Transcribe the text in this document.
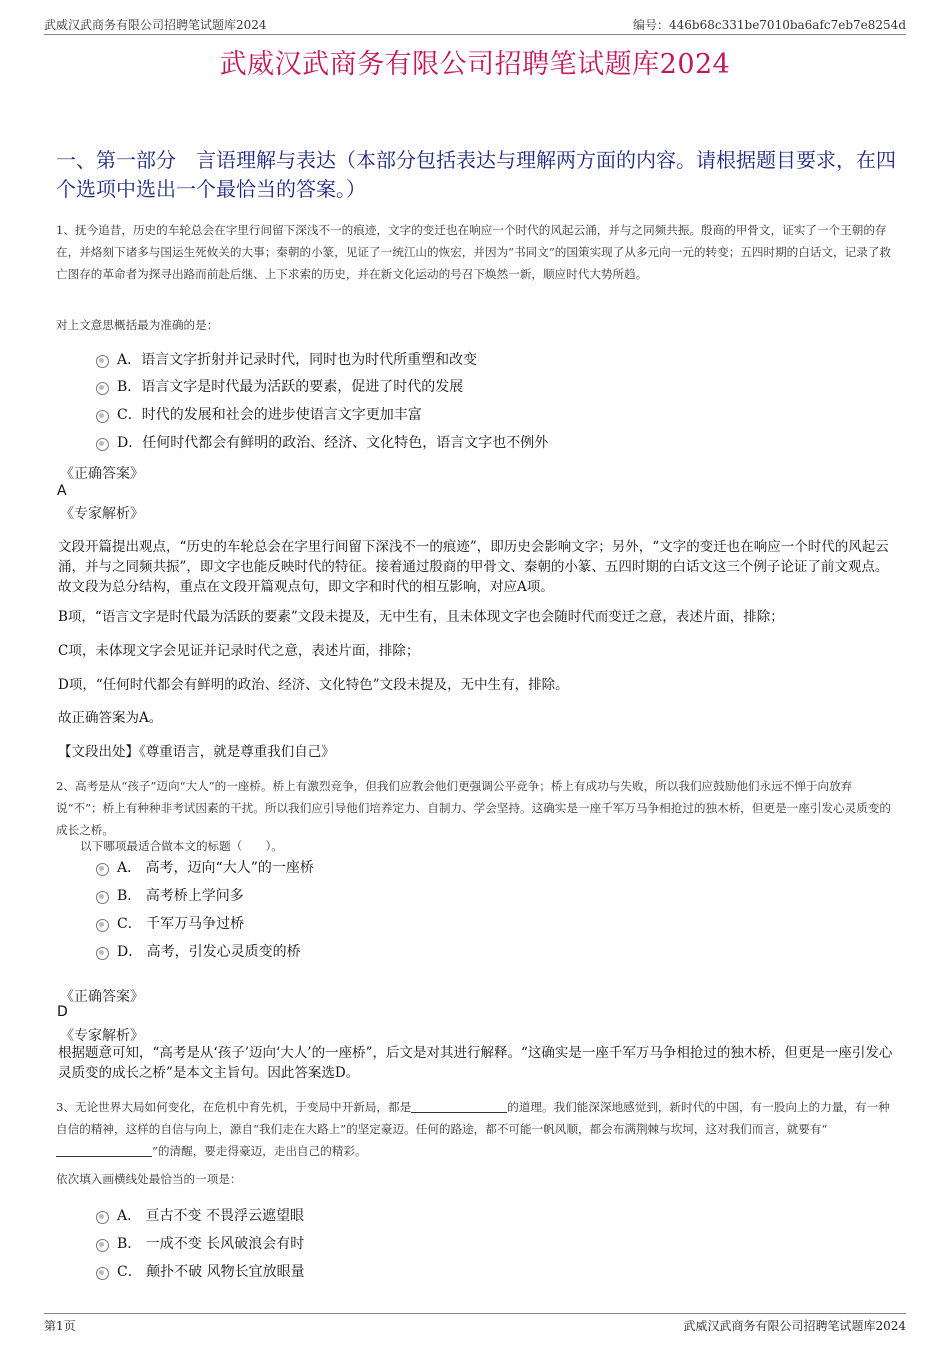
武威汉武商务有限公司招聘笔试题库2024	编号：446b68c331be7010ba6afc7eb7e8254d
武威汉武商务有限公司招聘笔试题库2024
一、第一部分　言语理解与表达（本部分包括表达与理解两方面的内容。请根据题目要求，在四个选项中选出一个最恰当的答案。）
1、抚今追昔，历史的车轮总会在字里行间留下深浅不一的痕迹，文字的变迁也在响应一个时代的风起云涌，并与之同频共振。殷商的甲骨文，证实了一个王朝的存在，并烙刻下诸多与国运生死攸关的大事；秦朝的小篆，见证了一统江山的恢宏，并因为“书同文”的国策实现了从多元向一元的转变；五四时期的白话文，记录了救亡图存的革命者为探寻出路而前赴后继、上下求索的历史，并在新文化运动的号召下焕然一新，顺应时代大势所趋。
对上文意思概括最为准确的是：
A．语言文字折射并记录时代，同时也为时代所重塑和改变
B．语言文字是时代最为活跃的要素，促进了时代的发展
C．时代的发展和社会的进步使语言文字更加丰富
D．任何时代都会有鲜明的政治、经济、文化特色，语言文字也不例外
《正确答案》
A
《专家解析》
文段开篇提出观点，“历史的车轮总会在字里行间留下深浅不一的痕迹”，即历史会影响文字；另外，“文字的变迁也在响应一个时代的风起云涌，并与之同频共振”，即文字也能反映时代的特征。接着通过殷商的甲骨文、秦朝的小篆、五四时期的白话文这三个例子论证了前文观点。故文段为总分结构，重点在文段开篇观点句，即文字和时代的相互影响，对应A项。
B项，“语言文字是时代最为活跃的要素”文段未提及，无中生有，且未体现文字也会随时代而变迁之意，表述片面，排除；
C项，未体现文字会见证并记录时代之意，表述片面，排除；
D项，“任何时代都会有鲜明的政治、经济、文化特色”文段未提及，无中生有，排除。
故正确答案为A。
【文段出处】《尊重语言，就是尊重我们自己》
2、高考是从“孩子”迈向“大人”的一座桥。桥上有激烈竞争，但我们应教会他们更强调公平竞争；桥上有成功与失败，所以我们应鼓励他们永远不惮于向放弃说“不”；桥上有种种非考试因素的干扰。所以我们应引导他们培养定力、自制力、学会坚持。这确实是一座千军万马争相抢过的独木桥，但更是一座引发心灵质变的成长之桥。
以下哪项最适合做本文的标题（　　）。
A． 高考，迈向“大人”的一座桥
B． 高考桥上学问多
C． 千军万马争过桥
D． 高考，引发心灵质变的桥
《正确答案》
D
《专家解析》
根据题意可知，“高考是从‘孩子’迈向‘大人’的一座桥”，后文是对其进行解释。“这确实是一座千军万马争相抢过的独木桥，但更是一座引发心灵质变的成长之桥”是本文主旨句。因此答案选D。
3、无论世界大局如何变化，在危机中育先机，于变局中开新局，都是	的道理。我们能深深地感觉到，新时代的中国，有一股向上的力量，有一种自信的精神，这样的自信与向上，源自“我们走在大路上”的坚定豪迈。任何的路途，都不可能一帆风顺，都会布满荆棘与坎坷，这对我们而言，就要有“”的清醒，要走得豪迈，走出自己的精彩。
依次填入画横线处最恰当的一项是：
A． 亘古不变 不畏浮云遮望眼
B． 一成不变 长风破浪会有时
C． 颠扑不破 风物长宜放眼量
第1页	武威汉武商务有限公司招聘笔试题库2024
